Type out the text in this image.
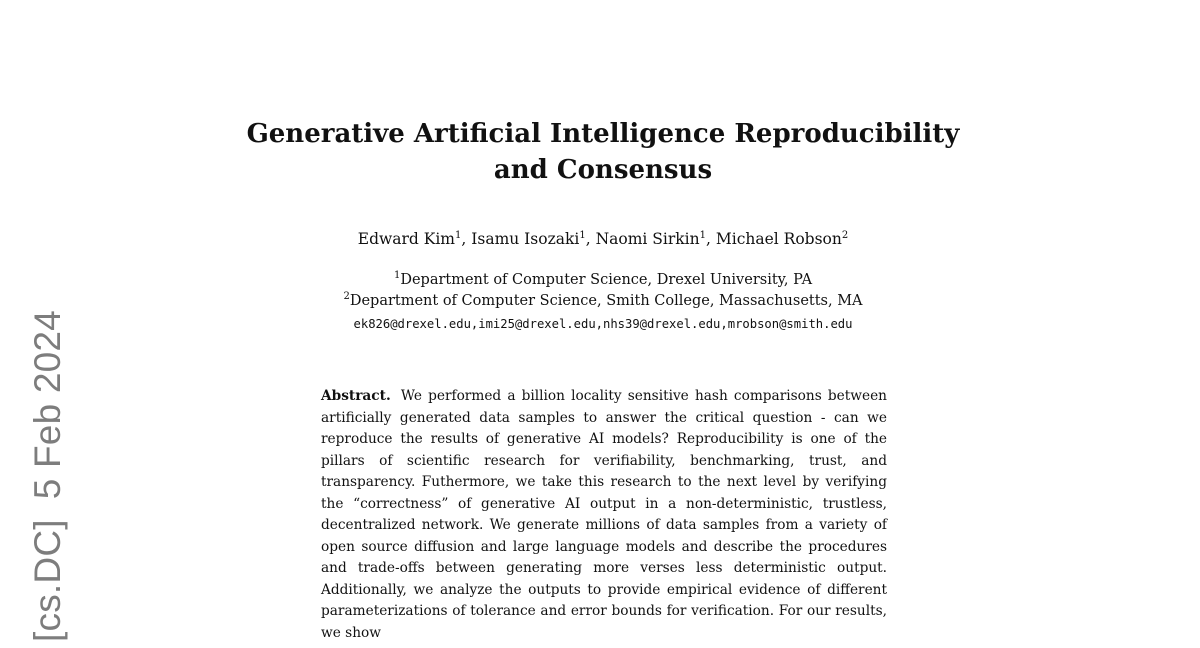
[cs.DC]5 Feb 2024
Generative Artificial Intelligence Reproducibility
and Consensus
Edward Kim$^1$, Isamu Isozaki$^1$, Naomi Sirkin$^1$, Michael Robson$^2$
$^1$Department of Computer Science, Drexel University, PA
$^2$Department of Computer Science, Smith College, Massachusetts, MA
ek826@drexel.edu,imi25@drexel.edu,nhs39@drexel.edu,mrobson@smith.edu
Abstract. We performed a billion locality sensitive hash comparisons between artificially generated data samples to answer the critical question - can we reproduce the results of generative AI models? Reproducibility is one of the pillars of scientific research for verifiability, benchmarking, trust, and transparency. Futhermore, we take this research to the next level by verifying the “correctness” of generative AI output in a non-deterministic, trustless, decentralized network. We generate millions of data samples from a variety of open source diffusion and large language models and describe the procedures and trade-offs between generating more verses less deterministic output. Additionally, we analyze the outputs to provide empirical evidence of different parameterizations of tolerance and error bounds for verification. For our results, we show
